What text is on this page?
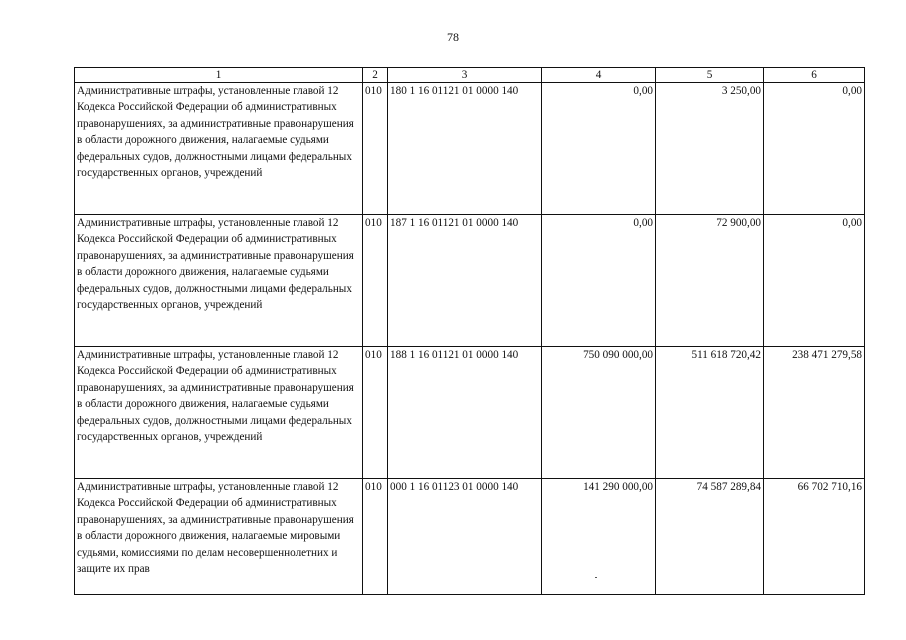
78
1	2	3	4	5	6
Административные штрафы, установленные главой 12 Кодекса Российской Федерации об административных правонарушениях, за административные правонарушения в области дорожного движения, налагаемые судьями федеральных судов, должностными лицами федеральных государственных органов, учреждений	010	180 1 16 01121 01 0000 140	0,00	3 250,00	0,00
Административные штрафы, установленные главой 12 Кодекса Российской Федерации об административных правонарушениях, за административные правонарушения в области дорожного движения, налагаемые судьями федеральных судов, должностными лицами федеральных государственных органов, учреждений	010	187 1 16 01121 01 0000 140	0,00	72 900,00	0,00
Административные штрафы, установленные главой 12 Кодекса Российской Федерации об административных правонарушениях, за административные правонарушения в области дорожного движения, налагаемые судьями федеральных судов, должностными лицами федеральных государственных органов, учреждений	010	188 1 16 01121 01 0000 140	750 090 000,00	511 618 720,42	238 471 279,58
Административные штрафы, установленные главой 12 Кодекса Российской Федерации об административных правонарушениях, за административные правонарушения в области дорожного движения, налагаемые мировыми судьями, комиссиями по делам несовершеннолетних и защите их прав	010	000 1 16 01123 01 0000 140	141 290 000,00	74 587 289,84	66 702 710,16
